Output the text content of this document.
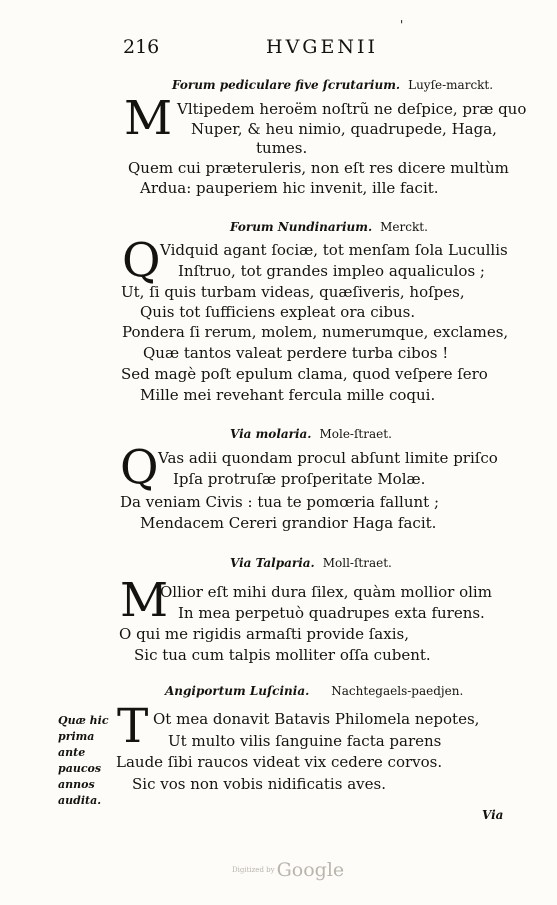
216	HVGENII
'
Forum pediculare five ſcrutarium. Luyſe-marckt.
M Vltipedem heroëm noſtrũ ne deſpice, præ quo
Nuper, & heu nimio, quadrupede, Haga,
tumes.
Quem cui præteruleris, non eſt res dicere multùm
Ardua: pauperiem hic invenit, ille facit.
Forum Nundinarium. Merckt.
Q Vidquid agant ſociæ, tot menſam ſola Lucullis
Inſtruo, tot grandes impleo aqualiculos ;
Ut, ſi quis turbam videas, quæſiveris, hoſpes,
Quis tot ſufficiens expleat ora cibus.
Pondera ſi rerum, molem, numerumque, exclames,
Quæ tantos valeat perdere turba cibos !
Sed magè poſt epulum clama, quod veſpere ſero
Mille mei revehant fercula mille coqui.
Via molaria. Mole-ſtraet.
Q Vas adii quondam procul abſunt limite priſco
Ipſa protruſæ proſperitate Molæ.
Da veniam Civis : tua te pomœria fallunt ;
Mendacem Cereri grandior Haga facit.
Via Talparia. Moll-ſtraet.
M
Ollior eſt mihi dura ſilex, quàm mollior olim
In mea perpetuò quadrupes exta furens.
O qui me rigidis armaſti provide ſaxis,
Sic tua cum talpis molliter oſſa cubent.
Angiportum Luſcinia. Nachtegaels-paedjen.
T Ot mea donavit Batavis Philomela nepotes,
Ut multo vilis ſanguine facta parens
Laude ſibi raucos videat vix cedere corvos.
Sic vos non vobis nidificatis aves.
Quæ hic
prima
ante
paucos
annos
audita.
Via
Digitized by Google
